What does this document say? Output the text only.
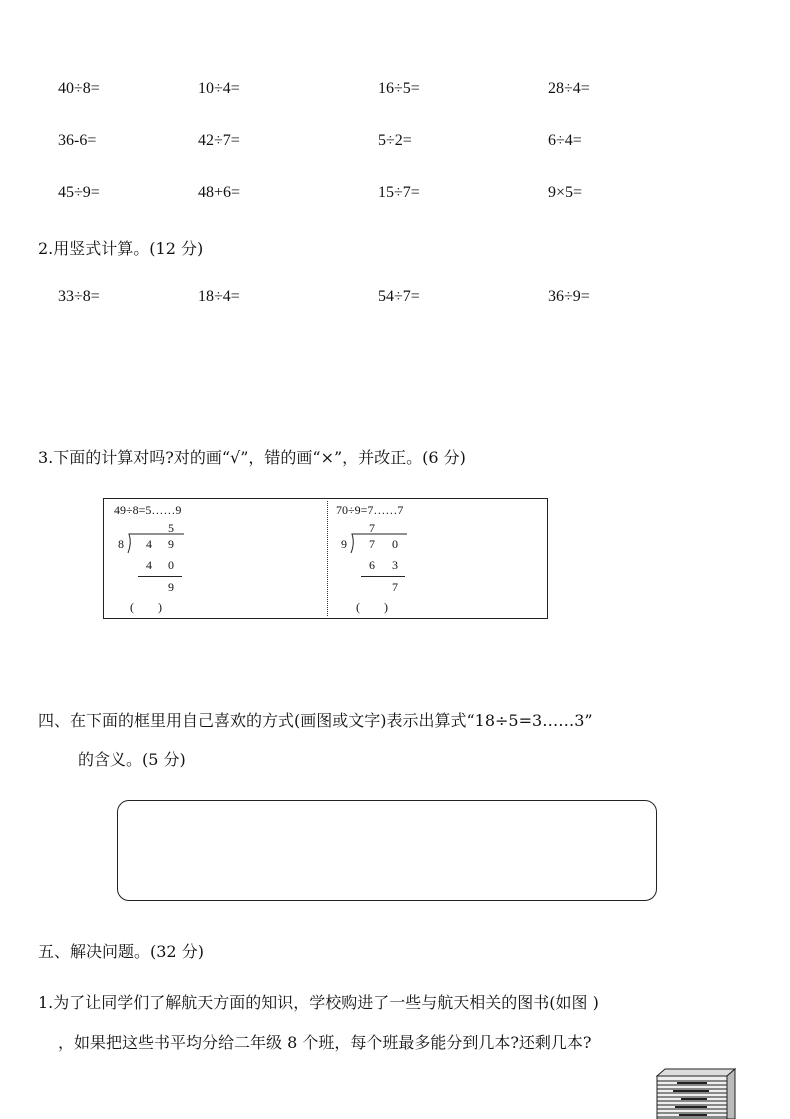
40÷8=	10÷4=	16÷5=	28÷4=
36-6=	42÷7=	5÷2=	6÷4=
45÷9=	48+6=	15÷7=	9×5=
2.用竖式计算。(12 分)
33÷8=	18÷4=	54÷7=	36÷9=
3.下面的计算对吗?对的画“√”，错的画“×”，并改正。(6 分)
49÷8=5……9
5
8 4 9
4 0
9
(　　)
70÷9=7……7
7
9 7 0
6 3
7
(　　)
四、在下面的框里用自己喜欢的方式(画图或文字)表示出算式“18÷5=3……3”
的含义。(5 分)
五、解决问题。(32 分)
1.为了让同学们了解航天方面的知识，学校购进了一些与航天相关的图书(如图 )
，如果把这些书平均分给二年级 8 个班，每个班最多能分到几本?还剩几本?
